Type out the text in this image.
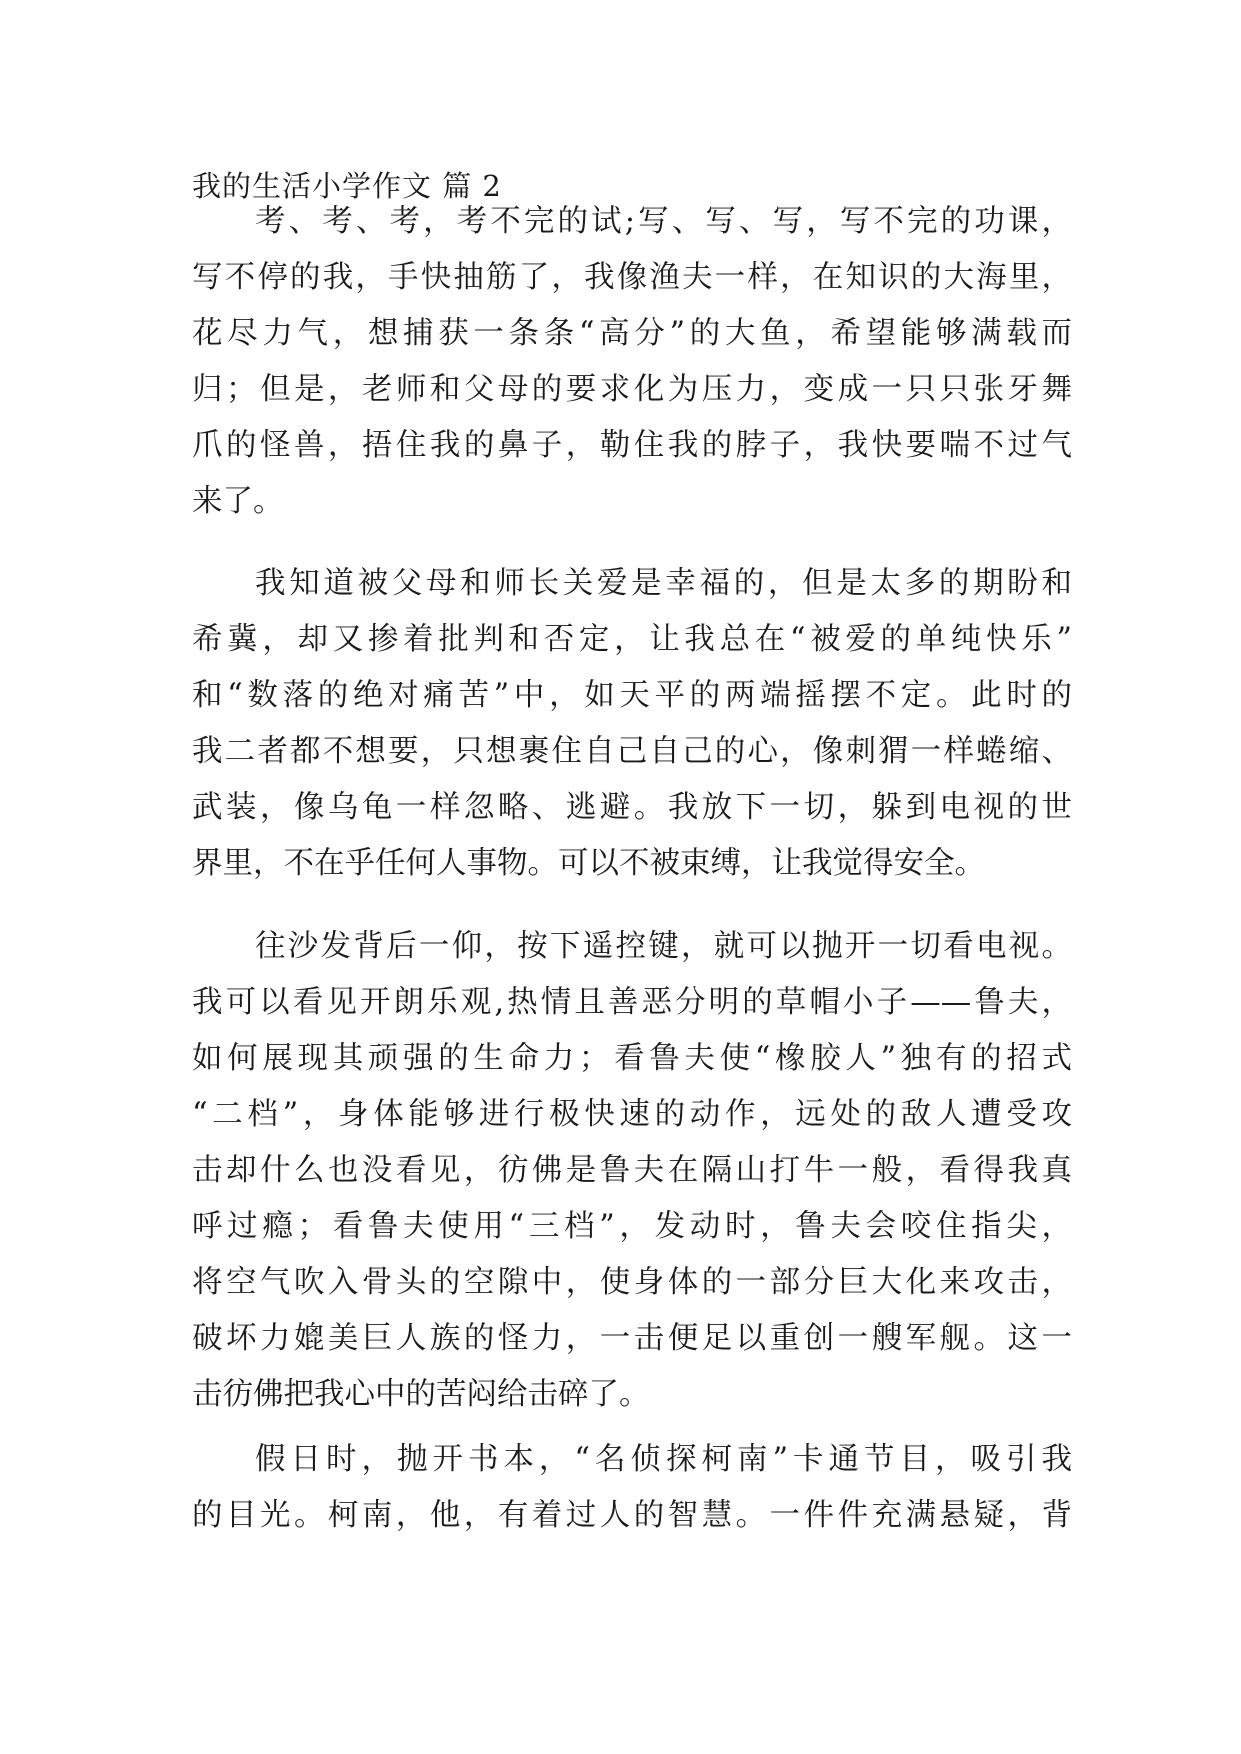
我的生活小学作文 篇 2
考、考、考，考不完的试;写、写、写，写不完的功课，
写不停的我，手快抽筋了，我像渔夫一样，在知识的大海里，
花尽力气，想捕获一条条“高分”的大鱼，希望能够满载而
归；但是，老师和父母的要求化为压力，变成一只只张牙舞
爪的怪兽，捂住我的鼻子，勒住我的脖子，我快要喘不过气
来了。
我知道被父母和师长关爱是幸福的，但是太多的期盼和
希冀，却又掺着批判和否定，让我总在“被爱的单纯快乐”
和“数落的绝对痛苦”中，如天平的两端摇摆不定。此时的
我二者都不想要，只想裹住自己自己的心，像刺猬一样蜷缩、
武装，像乌龟一样忽略、逃避。我放下一切，躲到电视的世
界里，不在乎任何人事物。可以不被束缚，让我觉得安全。
往沙发背后一仰，按下遥控键，就可以抛开一切看电视。
我可以看见开朗乐观,热情且善恶分明的草帽小子——鲁夫，
如何展现其顽强的生命力；看鲁夫使“橡胶人”独有的招式
“二档”，身体能够进行极快速的动作，远处的敌人遭受攻
击却什么也没看见，彷佛是鲁夫在隔山打牛一般，看得我真
呼过瘾；看鲁夫使用“三档”，发动时，鲁夫会咬住指尖，
将空气吹入骨头的空隙中，使身体的一部分巨大化来攻击，
破坏力媲美巨人族的怪力，一击便足以重创一艘军舰。这一
击彷佛把我心中的苦闷给击碎了。
假日时，抛开书本，“名侦探柯南”卡通节目，吸引我
的目光。柯南，他，有着过人的智慧。一件件充满悬疑，背
